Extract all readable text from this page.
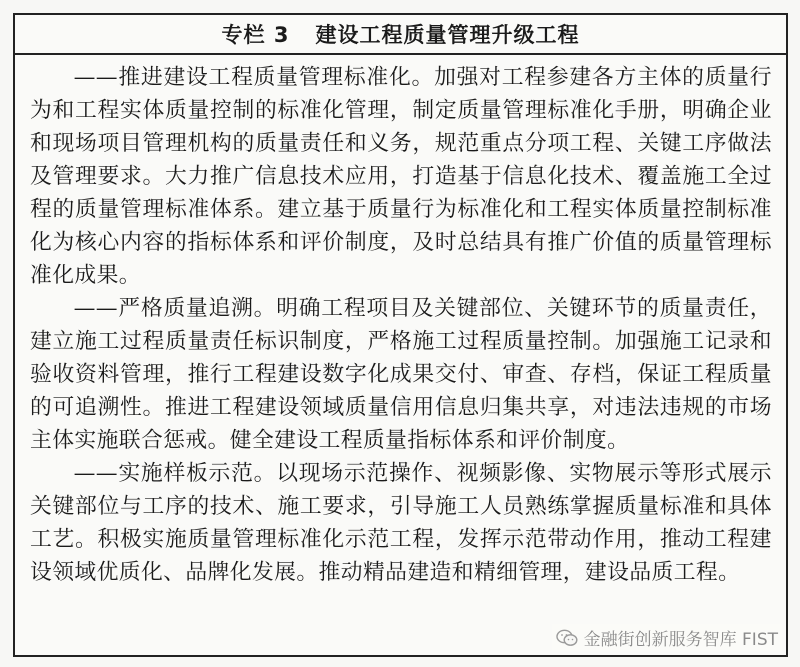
专栏 3 建设工程质量管理升级工程

——推进建设工程质量管理标准化。加强对工程参建各方主体的质量行为和工程实体质量控制的标准化管理，制定质量管理标准化手册，明确企业和现场项目管理机构的质量责任和义务，规范重点分项工程、关键工序做法及管理要求。大力推广信息技术应用，打造基于信息化技术、覆盖施工全过程的质量管理标准体系。建立基于质量行为标准化和工程实体质量控制标准化为核心内容的指标体系和评价制度，及时总结具有推广价值的质量管理标准化成果。

——严格质量追溯。明确工程项目及关键部位、关键环节的质量责任，建立施工过程质量责任标识制度，严格施工过程质量控制。加强施工记录和验收资料管理，推行工程建设数字化成果交付、审查、存档，保证工程质量的可追溯性。推进工程建设领域质量信用信息归集共享，对违法违规的市场主体实施联合惩戒。健全建设工程质量指标体系和评价制度。

——实施样板示范。以现场示范操作、视频影像、实物展示等形式展示关键部位与工序的技术、施工要求，引导施工人员熟练掌握质量标准和具体工艺。积极实施质量管理标准化示范工程，发挥示范带动作用，推动工程建设领域优质化、品牌化发展。推动精品建造和精细管理，建设品质工程。

金融街创新服务智库 FIST
